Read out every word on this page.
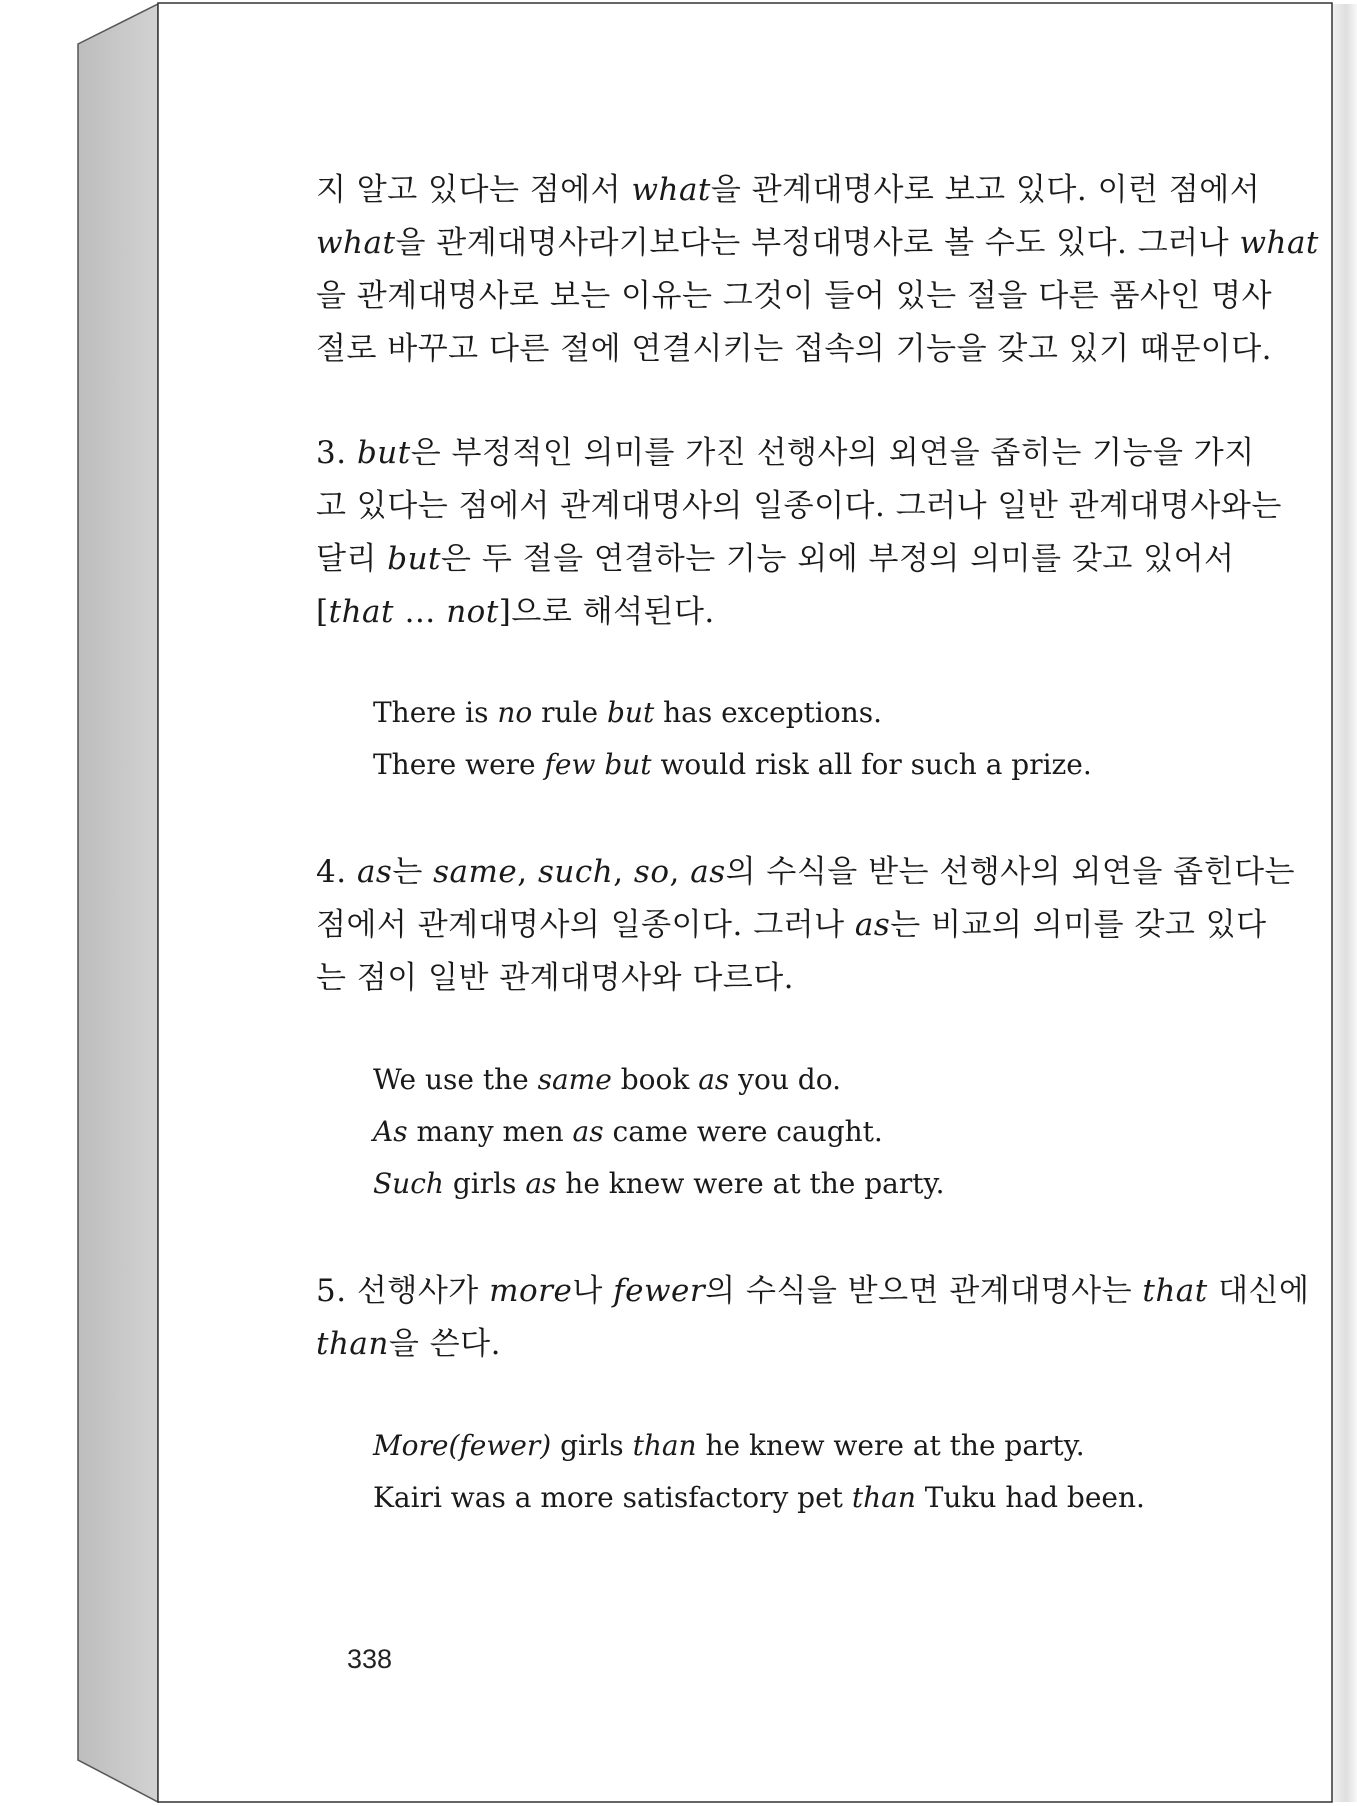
지 알고 있다는 점에서 what을 관계대명사로 보고 있다. 이런 점에서
what을 관계대명사라기보다는 부정대명사로 볼 수도 있다. 그러나 what
을 관계대명사로 보는 이유는 그것이 들어 있는 절을 다른 품사인 명사
절로 바꾸고 다른 절에 연결시키는 접속의 기능을 갖고 있기 때문이다.
3. but은 부정적인 의미를 가진 선행사의 외연을 좁히는 기능을 가지
고 있다는 점에서 관계대명사의 일종이다. 그러나 일반 관계대명사와는
달리 but은 두 절을 연결하는 기능 외에 부정의 의미를 갖고 있어서
[that … not]으로 해석된다.
There is no rule but has exceptions.
There were few but would risk all for such a prize.
4. as는 same, such, so, as의 수식을 받는 선행사의 외연을 좁힌다는
점에서 관계대명사의 일종이다. 그러나 as는 비교의 의미를 갖고 있다
는 점이 일반 관계대명사와 다르다.
We use the same book as you do.
As many men as came were caught.
Such girls as he knew were at the party.
5. 선행사가 more나 fewer의 수식을 받으면 관계대명사는 that 대신에
than을 쓴다.
More(fewer) girls than he knew were at the party.
Kairi was a more satisfactory pet than Tuku had been.
338
